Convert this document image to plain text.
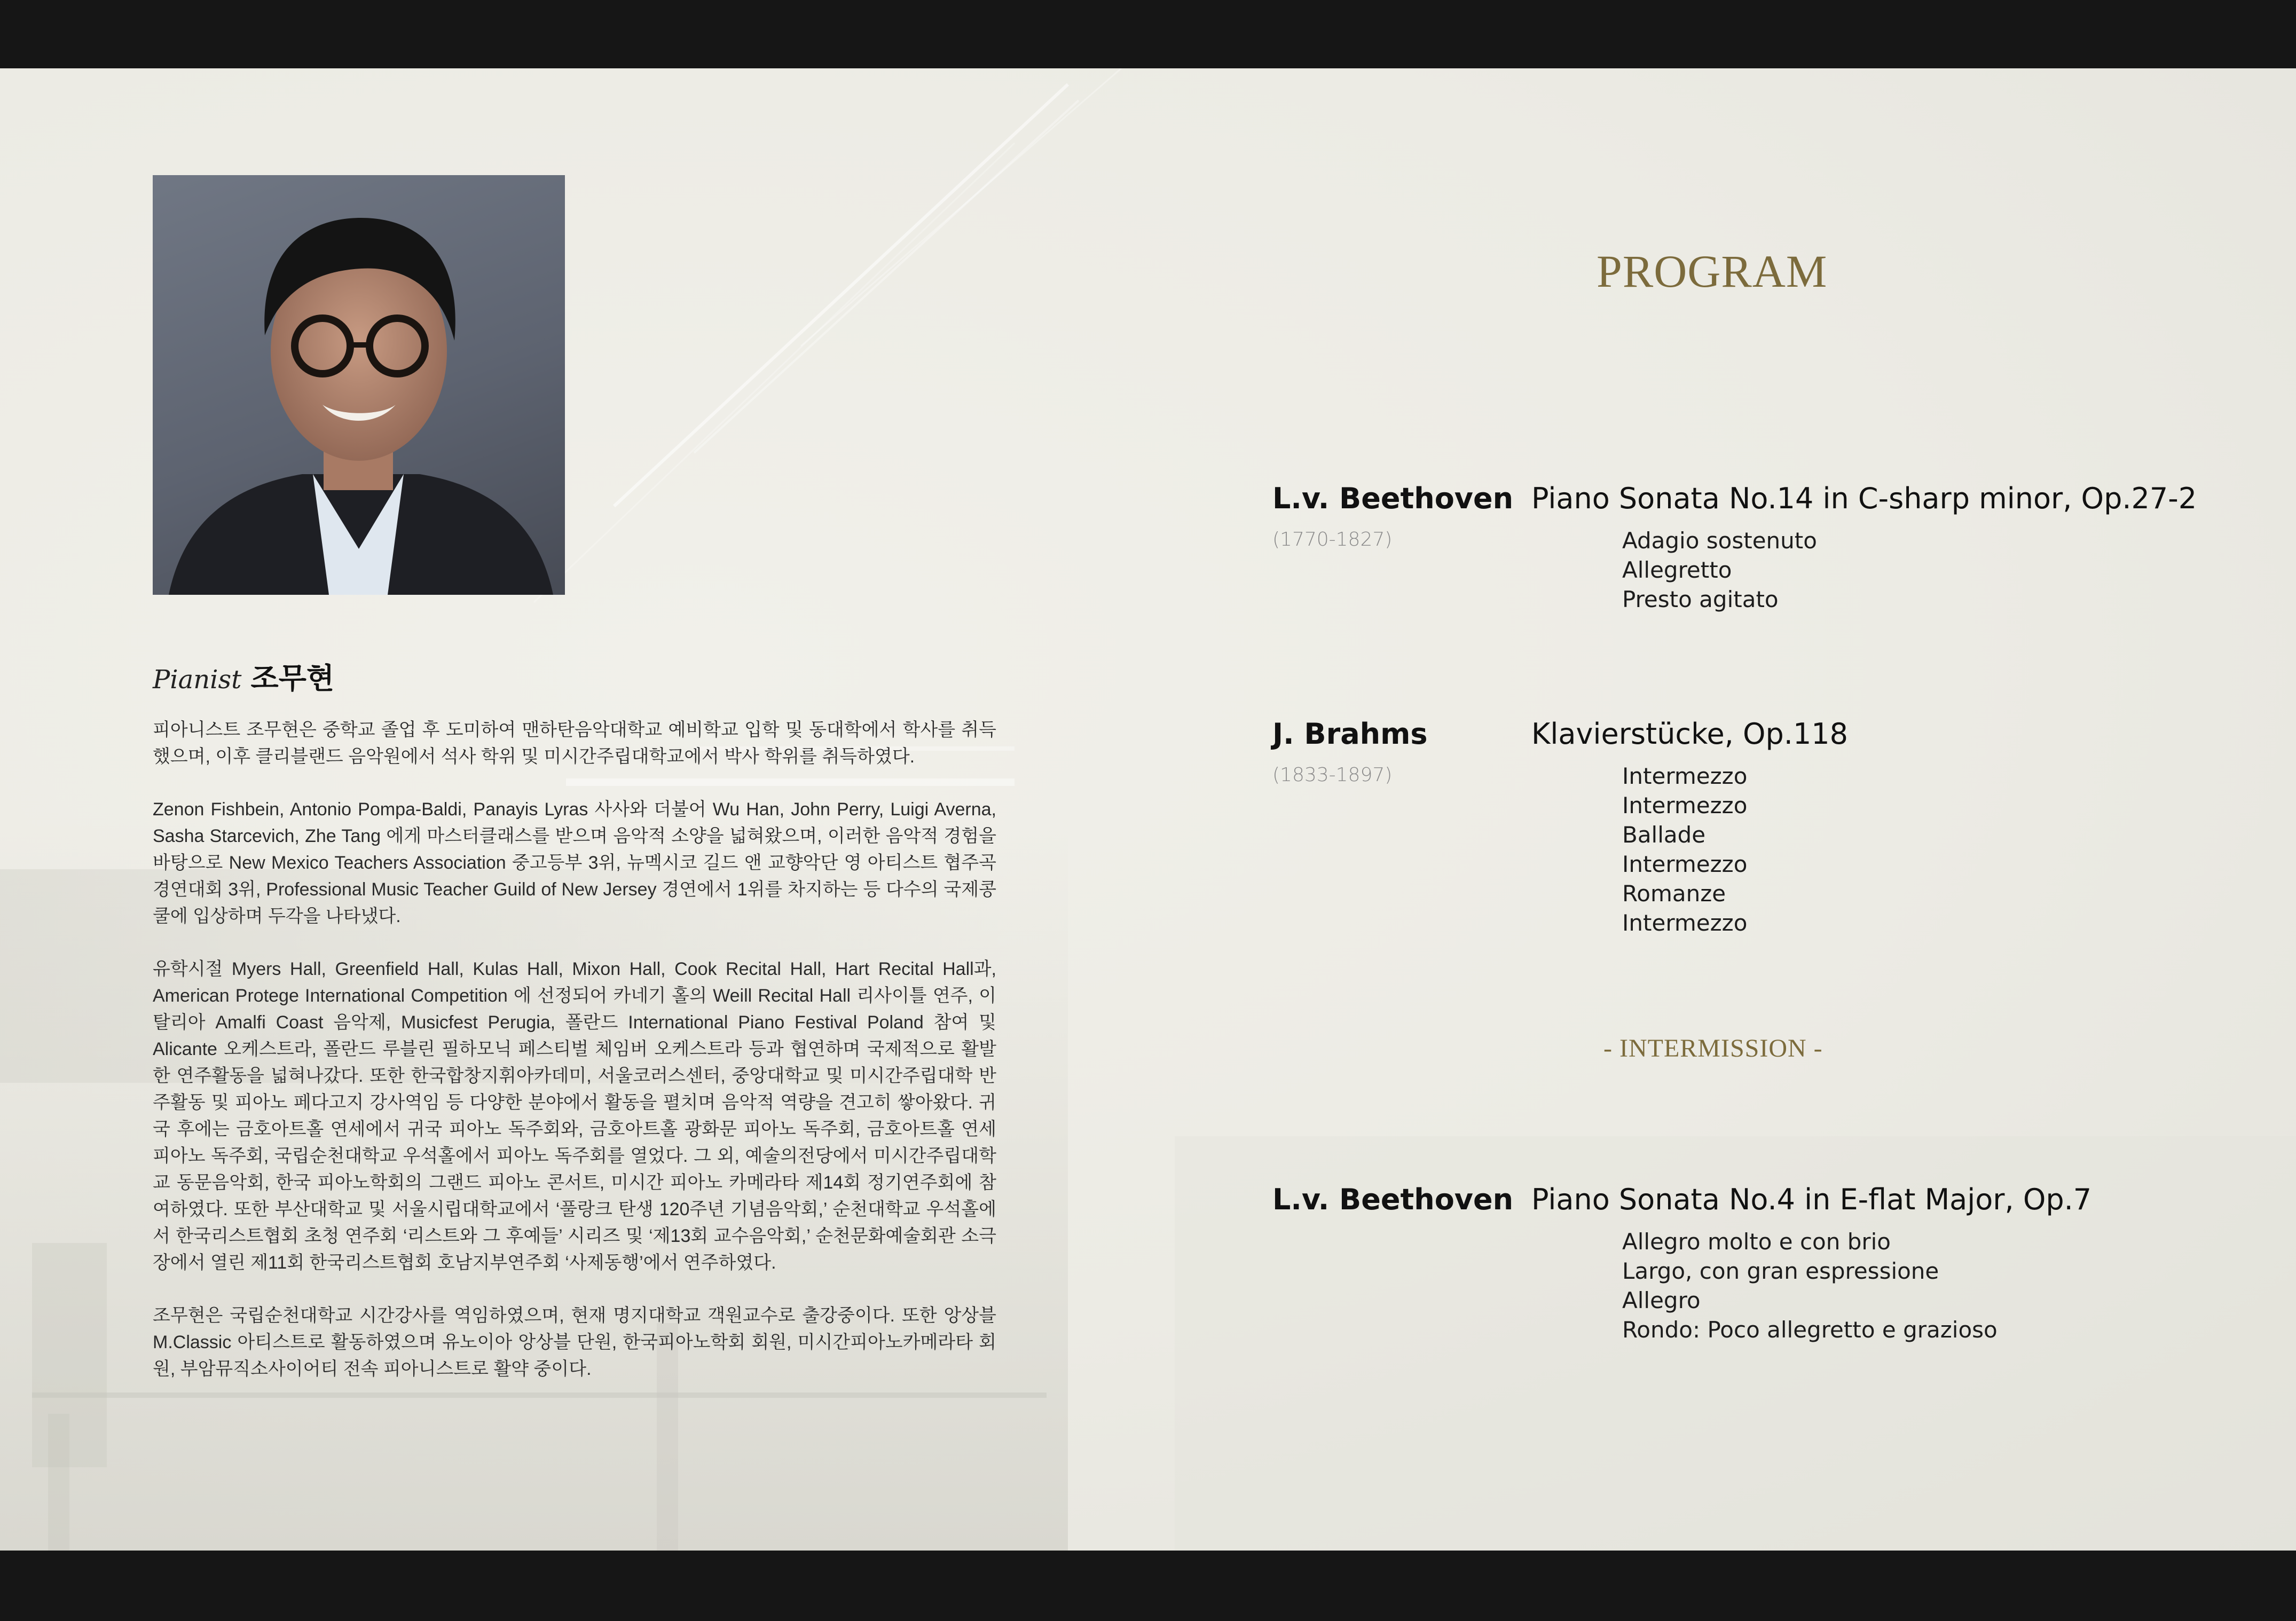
Pianist 조무현

피아니스트 조무현은 중학교 졸업 후 도미하여 맨하탄음악대학교 예비학교 입학 및 동대학에서 학사를 취득했으며, 이후 클리블랜드 음악원에서 석사 학위 및 미시간주립대학교에서 박사 학위를 취득하였다.

Zenon Fishbein, Antonio Pompa-Baldi, Panayis Lyras 사사와 더불어 Wu Han, John Perry, Luigi Averna, Sasha Starcevich, Zhe Tang 에게 마스터클래스를 받으며 음악적 소양을 넓혀왔으며, 이러한 음악적 경험을 바탕으로 New Mexico Teachers Association 중고등부 3위, 뉴멕시코 길드 앤 교향악단 영 아티스트 협주곡 경연대회 3위, Professional Music Teacher Guild of New Jersey 경연에서 1위를 차지하는 등 다수의 국제콩쿨에 입상하며 두각을 나타냈다.

유학시절 Myers Hall, Greenfield Hall, Kulas Hall, Mixon Hall, Cook Recital Hall, Hart Recital Hall과, American Protege International Competition 에 선정되어 카네기 홀의 Weill Recital Hall 리사이틀 연주, 이탈리아 Amalfi Coast 음악제, Musicfest Perugia, 폴란드 International Piano Festival Poland 참여 및 Alicante 오케스트라, 폴란드 루블린 필하모닉 페스티벌 체임버 오케스트라 등과 협연하며 국제적으로 활발한 연주활동을 넓혀나갔다. 또한 한국합창지휘아카데미, 서울코러스센터, 중앙대학교 및 미시간주립대학 반주활동 및 피아노 페다고지 강사역임 등 다양한 분야에서 활동을 펼치며 음악적 역량을 견고히 쌓아왔다. 귀국 후에는 금호아트홀 연세에서 귀국 피아노 독주회와, 금호아트홀 광화문 피아노 독주회, 금호아트홀 연세 피아노 독주회, 국립순천대학교 우석홀에서 피아노 독주회를 열었다. 그 외, 예술의전당에서 미시간주립대학교 동문음악회, 한국 피아노학회의 그랜드 피아노 콘서트, 미시간 피아노 카메라타 제14회 정기연주회에 참여하였다. 또한 부산대학교 및 서울시립대학교에서 ‘풀랑크 탄생 120주년 기념음악회,’ 순천대학교 우석홀에서 한국리스트협회 초청 연주회 ‘리스트와 그 후예들’ 시리즈 및 ‘제13회 교수음악회,’ 순천문화예술회관 소극장에서 열린 제11회 한국리스트협회 호남지부연주회 ‘사제동행’에서 연주하였다.

조무현은 국립순천대학교 시간강사를 역임하였으며, 현재 명지대학교 객원교수로 출강중이다. 또한 앙상블 M.Classic 아티스트로 활동하였으며 유노이아 앙상블 단원, 한국피아노학회 회원, 미시간피아노카메라타 회원, 부암뮤직소사이어티 전속 피아니스트로 활약 중이다.

PROGRAM
L.v. Beethoven
(1770-1827)
Piano Sonata No.14 in C-sharp minor, Op.27-2
Adagio sostenuto
Allegretto
Presto agitato
J. Brahms
(1833-1897)
Klavierstücke, Op.118
Intermezzo
Intermezzo
Ballade
Intermezzo
Romanze
Intermezzo
- INTERMISSION -
L.v. Beethoven Piano Sonata No.4 in E-flat Major, Op.7
Allegro molto e con brio
Largo, con gran espressione
Allegro
Rondo: Poco allegretto e grazioso
